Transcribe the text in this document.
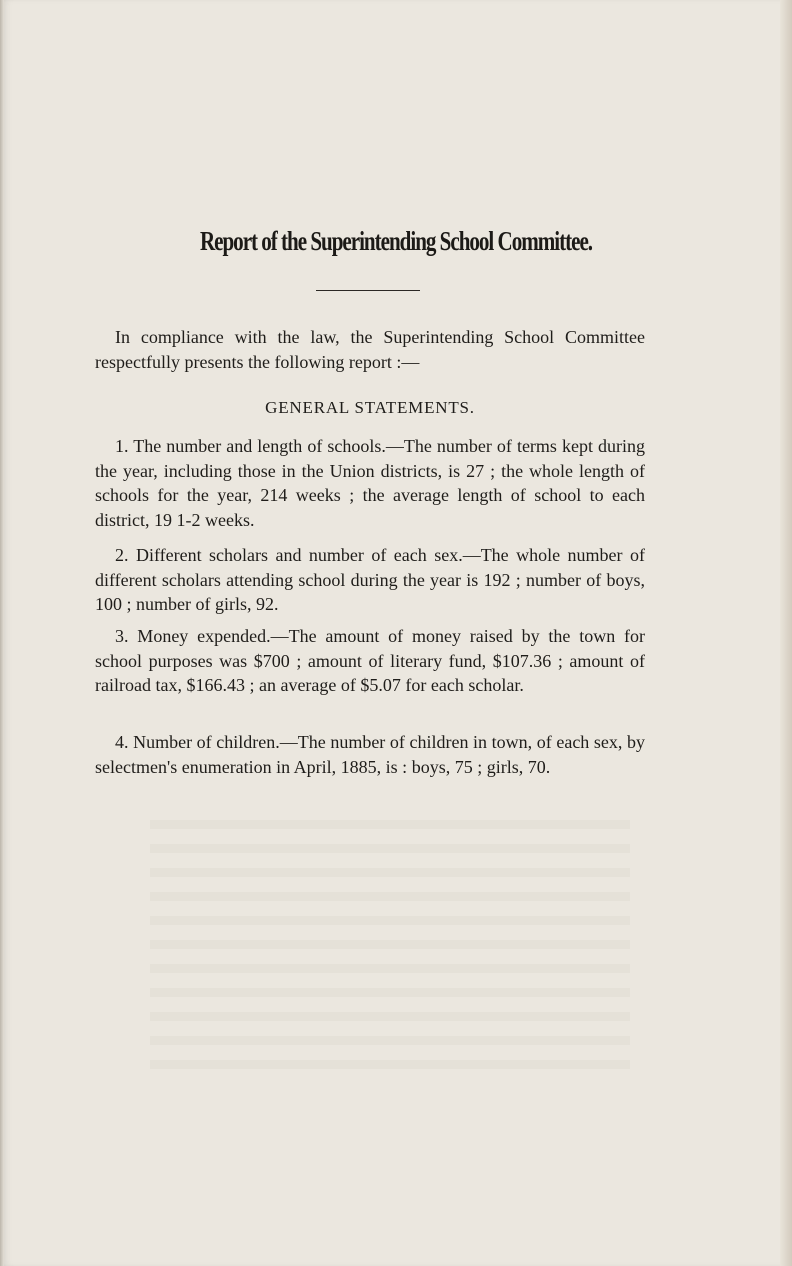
Report of the Superintending School Committee.
In compliance with the law, the Superintending School Committee respectfully presents the following report :—
GENERAL STATEMENTS.
1. The number and length of schools.—The number of terms kept during the year, including those in the Union districts, is 27 ; the whole length of schools for the year, 214 weeks ; the average length of school to each district, 19 1-2 weeks.
2. Different scholars and number of each sex.—The whole number of different scholars attending school during the year is 192 ; number of boys, 100 ; number of girls, 92.
3. Money expended.—The amount of money raised by the town for school purposes was $700 ; amount of literary fund, $107.36 ; amount of railroad tax, $166.43 ; an average of $5.07 for each scholar.
4. Number of children.—The number of children in town, of each sex, by selectmen's enumeration in April, 1885, is : boys, 75 ; girls, 70.
